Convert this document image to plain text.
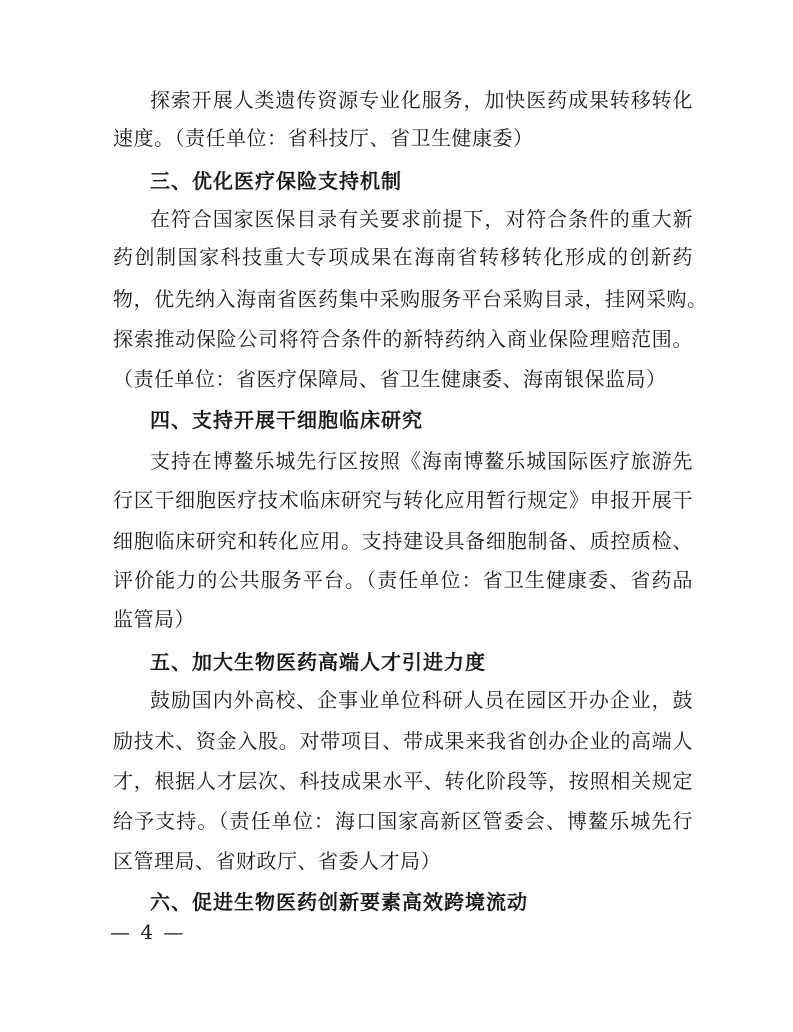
探索开展人类遗传资源专业化服务，加快医药成果转移转化
速度。（责任单位：省科技厅、省卫生健康委）
三、优化医疗保险支持机制
在符合国家医保目录有关要求前提下，对符合条件的重大新
药创制国家科技重大专项成果在海南省转移转化形成的创新药
物，优先纳入海南省医药集中采购服务平台采购目录，挂网采购。
探索推动保险公司将符合条件的新特药纳入商业保险理赔范围。
（责任单位：省医疗保障局、省卫生健康委、海南银保监局）
四、支持开展干细胞临床研究
支持在博鳌乐城先行区按照《海南博鳌乐城国际医疗旅游先
行区干细胞医疗技术临床研究与转化应用暂行规定》申报开展干
细胞临床研究和转化应用。支持建设具备细胞制备、质控质检、
评价能力的公共服务平台。（责任单位：省卫生健康委、省药品
监管局）
五、加大生物医药高端人才引进力度
鼓励国内外高校、企事业单位科研人员在园区开办企业，鼓
励技术、资金入股。对带项目、带成果来我省创办企业的高端人
才，根据人才层次、科技成果水平、转化阶段等，按照相关规定
给予支持。（责任单位：海口国家高新区管委会、博鳌乐城先行
区管理局、省财政厅、省委人才局）
六、促进生物医药创新要素高效跨境流动
— 4 —
